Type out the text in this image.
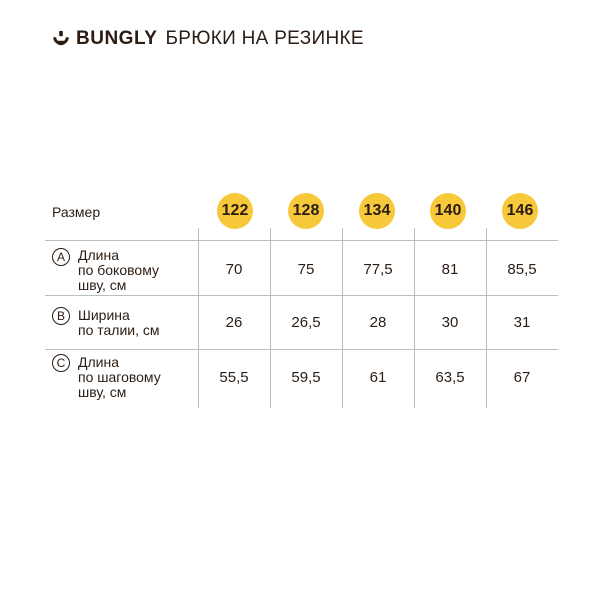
BUNGLY БРЮКИ НА РЕЗИНКЕ
Размер	122	128	134	140	146
A Длина
по боковому
шву, см
70	75	77,5	81	85,5
B Ширина
по талии, см	26	26,5	28	30	31
C Длина
по шаговому
шву, см
55,5	59,5	61	63,5	67
